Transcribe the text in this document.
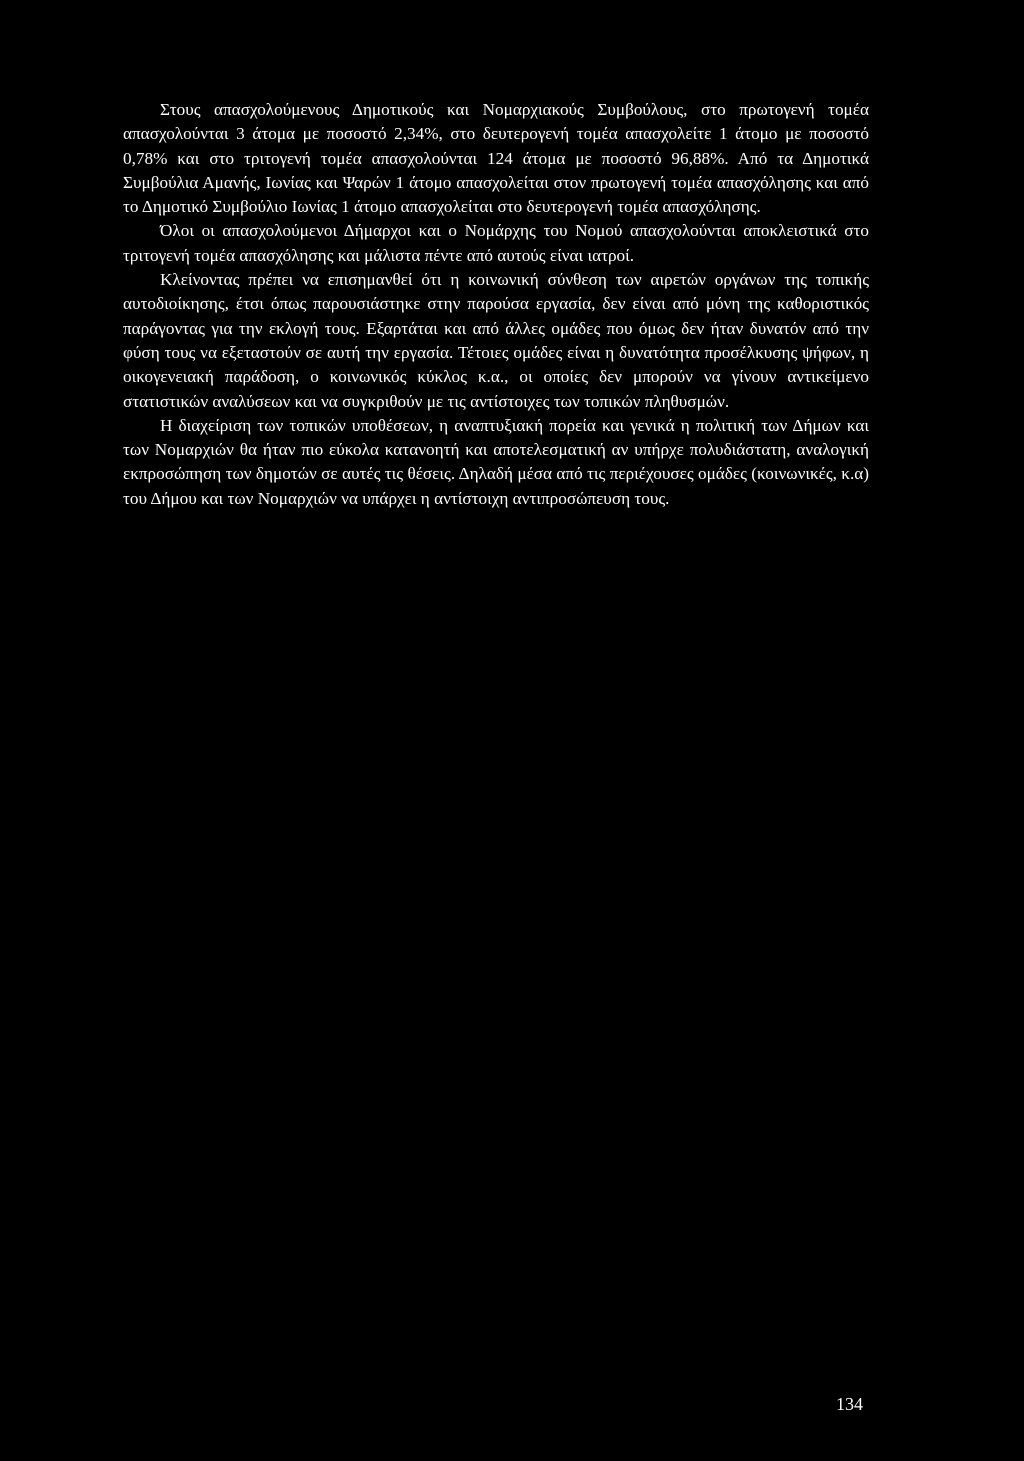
Στους απασχολούμενους Δημοτικούς και Νομαρχιακούς Συμβούλους, στο πρωτογενή τομέα απασχολούνται 3 άτομα με ποσοστό 2,34%, στο δευτερογενή τομέα απασχολείτε 1 άτομο με ποσοστό 0,78% και στο τριτογενή τομέα απασχολούνται 124 άτομα με ποσοστό 96,88%. Από τα Δημοτικά Συμβούλια Αμανής, Ιωνίας και Ψαρών 1 άτομο απασχολείται στον πρωτογενή τομέα απασχόλησης και από το Δημοτικό Συμβούλιο Ιωνίας 1 άτομο απασχολείται στο δευτερογενή τομέα απασχόλησης.

Όλοι οι απασχολούμενοι Δήμαρχοι και ο Νομάρχης του Νομού απασχολούνται αποκλειστικά στο τριτογενή τομέα απασχόλησης και μάλιστα πέντε από αυτούς είναι ιατροί.

Κλείνοντας πρέπει να επισημανθεί ότι η κοινωνική σύνθεση των αιρετών οργάνων της τοπικής αυτοδιοίκησης, έτσι όπως παρουσιάστηκε στην παρούσα εργασία, δεν είναι από μόνη της καθοριστικός παράγοντας για την εκλογή τους. Εξαρτάται και από άλλες ομάδες που όμως δεν ήταν δυνατόν από την φύση τους να εξεταστούν σε αυτή την εργασία. Τέτοιες ομάδες είναι η δυνατότητα προσέλκυσης ψήφων, η οικογενειακή παράδοση, ο κοινωνικός κύκλος κ.α., οι οποίες δεν μπορούν να γίνουν αντικείμενο στατιστικών αναλύσεων και να συγκριθούν με τις αντίστοιχες των τοπικών πληθυσμών.

Η διαχείριση των τοπικών υποθέσεων, η αναπτυξιακή πορεία και γενικά η πολιτική των Δήμων και των Νομαρχιών θα ήταν πιο εύκολα κατανοητή και αποτελεσματική αν υπήρχε πολυδιάστατη, αναλογική εκπροσώπηση των δημοτών σε αυτές τις θέσεις. Δηλαδή μέσα από τις περιέχουσες ομάδες (κοινωνικές, κ.α) του Δήμου και των Νομαρχιών να υπάρχει η αντίστοιχη αντιπροσώπευση τους.

134
